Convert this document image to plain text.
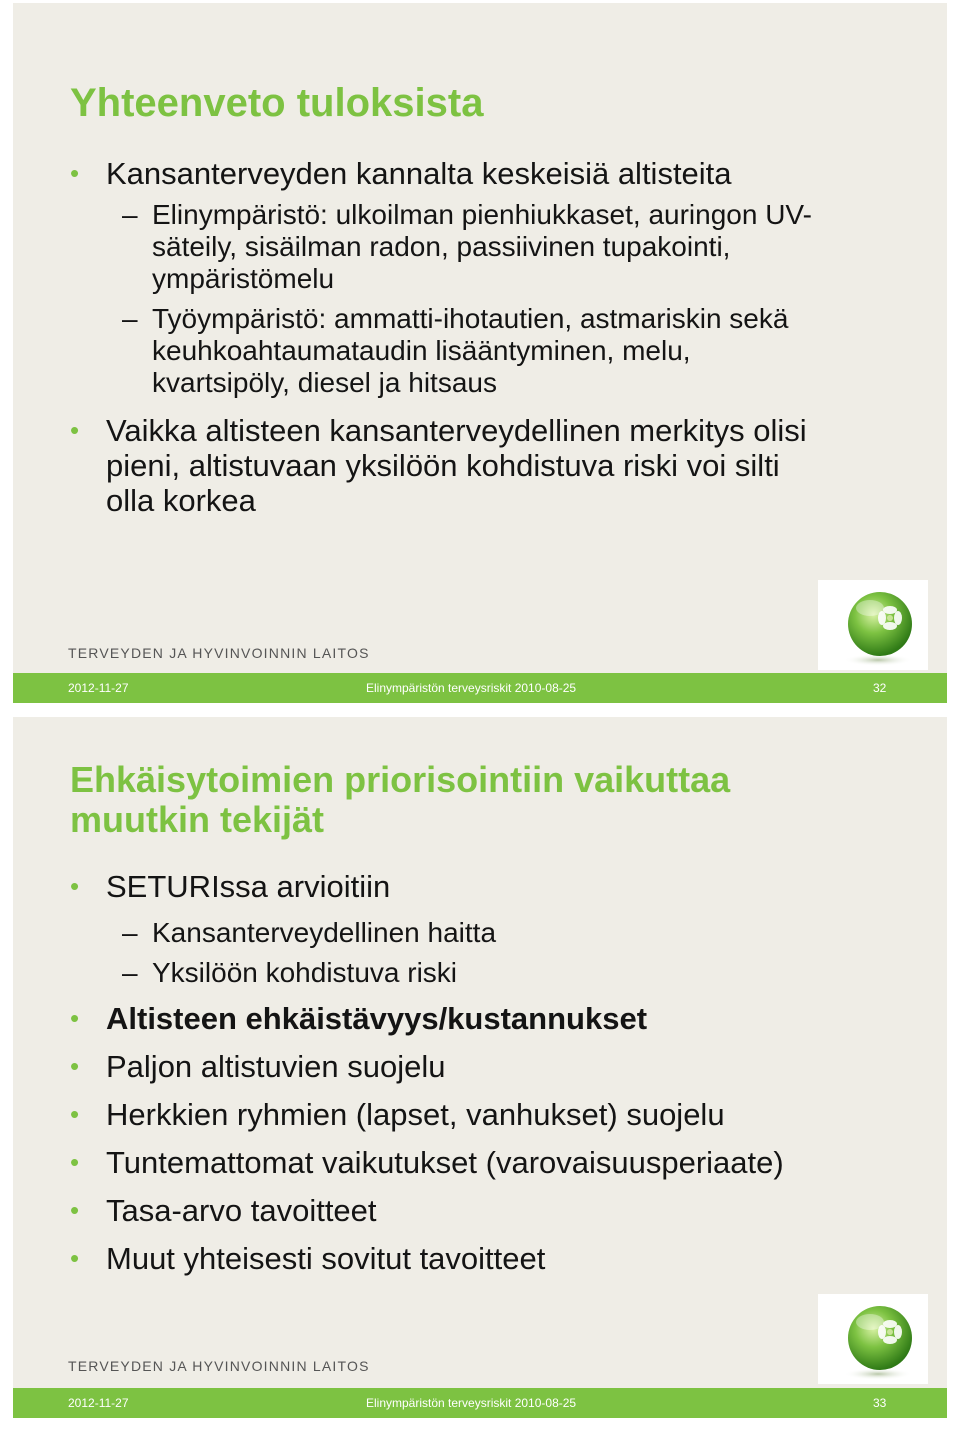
Yhteenveto tuloksista
• Kansanterveyden kannalta keskeisiä altisteita
– Elinympäristö: ulkoilman pienhiukkaset, auringon UV-
säteily, sisäilman radon, passiivinen tupakointi,
ympäristömelu
– Työympäristö: ammatti-ihotautien, astmariskin sekä
keuhkoahtaumataudin lisääntyminen, melu,
kvartsipöly, diesel ja hitsaus
• Vaikka altisteen kansanterveydellinen merkitys olisi
pieni, altistuvaan yksilöön kohdistuva riski voi silti
olla korkea
TERVEYDEN JA HYVINVOINNIN LAITOS
2012-11-27	Elinympäristön terveysriskit 2010-08-25	32
Ehkäisytoimien priorisointiin vaikuttaa
muutkin tekijät
• SETURIssa arvioitiin
– Kansanterveydellinen haitta
– Yksilöön kohdistuva riski
• Altisteen ehkäistävyys/kustannukset
• Paljon altistuvien suojelu
• Herkkien ryhmien (lapset, vanhukset) suojelu
• Tuntemattomat vaikutukset (varovaisuusperiaate)
• Tasa-arvo tavoitteet
• Muut yhteisesti sovitut tavoitteet
TERVEYDEN JA HYVINVOINNIN LAITOS
2012-11-27	Elinympäristön terveysriskit 2010-08-25	33
